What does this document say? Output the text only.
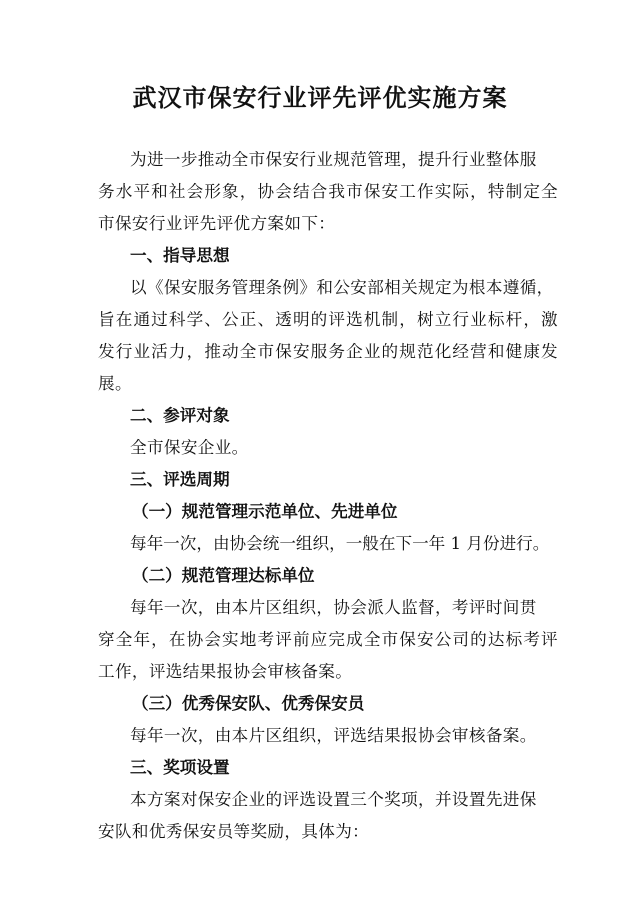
武汉市保安行业评先评优实施方案
为进一步推动全市保安行业规范管理，提升行业整体服
务水平和社会形象，协会结合我市保安工作实际，特制定全
市保安行业评先评优方案如下：
一、指导思想
以《保安服务管理条例》和公安部相关规定为根本遵循，
旨在通过科学、公正、透明的评选机制，树立行业标杆，激
发行业活力，推动全市保安服务企业的规范化经营和健康发
展。
二、参评对象
全市保安企业。
三、评选周期
（一）规范管理示范单位、先进单位
每年一次，由协会统一组织，一般在下一年 1 月份进行。
（二）规范管理达标单位
每年一次，由本片区组织，协会派人监督，考评时间贯
穿全年，在协会实地考评前应完成全市保安公司的达标考评
工作，评选结果报协会审核备案。
（三）优秀保安队、优秀保安员
每年一次，由本片区组织，评选结果报协会审核备案。
三、奖项设置
本方案对保安企业的评选设置三个奖项，并设置先进保
安队和优秀保安员等奖励，具体为：
